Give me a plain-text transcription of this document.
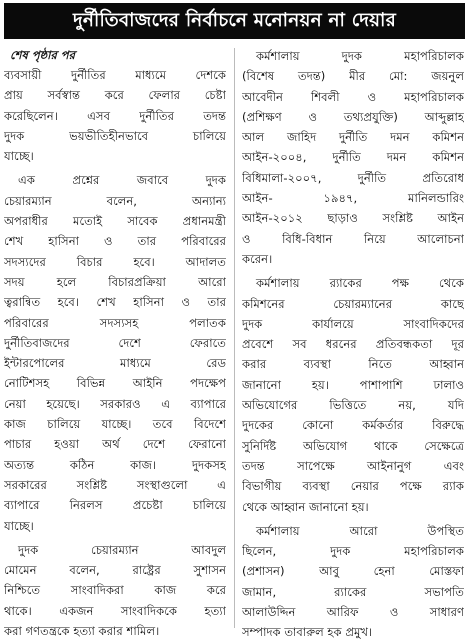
দুর্নীতিবাজদের নির্বাচনে মনোনয়ন না দেয়ার
শেষ পৃষ্ঠার পর
ব্যবসায়ী দুর্নীতির মাধ্যমে দেশকে
প্রায় সর্বস্বান্ত করে ফেলার চেষ্টা
করেছিলেন। এসব দুর্নীতির তদন্ত
দুদক ভয়ভীতিহীনভাবে চালিয়ে
যাচ্ছে।
এক প্রশ্নের জবাবে দুদক
চেয়ারম্যান বলেন, অন্যান্য
অপরাধীর মতোই সাবেক প্রধানমন্ত্রী
শেখ হাসিনা ও তার পরিবারের
সদস্যদের বিচার হবে। আদালত
সদয় হলে বিচারপ্রক্রিয়া আরো
ত্বরান্বিত হবে। শেখ হাসিনা ও তার
পরিবারের সদস্যসহ পলাতক
দুর্নীতিবাজদের দেশে ফেরাতে
ইন্টারপোলের মাধ্যমে রেড
নোটিশসহ বিভিন্ন আইনি পদক্ষেপ
নেয়া হয়েছে। সরকারও এ ব্যাপারে
কাজ চালিয়ে যাচ্ছে। তবে বিদেশে
পাচার হওয়া অর্থ দেশে ফেরানো
অত্যন্ত কঠিন কাজ। দুদকসহ
সরকারের সংশ্লিষ্ট সংস্থাগুলো এ
ব্যাপারে নিরলস প্রচেষ্টা চালিয়ে
যাচ্ছে।
দুদক চেয়ারম্যান আবদুল
মোমেন বলেন, রাষ্ট্রের সুশাসন
নিশ্চিতে সাংবাদিকরা কাজ করে
থাকে। একজন সাংবাদিককে হত্যা
করা গণতন্ত্রকে হত্যা করার শামিল।
কর্মশালায় দুদক মহাপরিচালক
(বিশেষ তদন্ত) মীর মো: জয়নুল
আবেদীন শিবলী ও মহাপরিচালক
(প্রশিক্ষণ ও তথ্যপ্রযুক্তি) আব্দুল্লাহ
আল জাহিদ দুর্নীতি দমন কমিশন
আইন-২০০৪, দুর্নীতি দমন কমিশন
বিধিমালা-২০০৭, দুর্নীতি প্রতিরোধ
আইন- ১৯৪৭, মানিলন্ডারিং
আইন-২০১২ ছাড়াও সংশ্লিষ্ট আইন
ও বিধি-বিধান নিয়ে আলোচনা
করেন।
কর্মশালায় র‍্যাকের পক্ষ থেকে
কমিশনের চেয়ারম্যানের কাছে
দুদক কার্যালয়ে সাংবাদিকদের
প্রবেশে সব ধরনের প্রতিবন্ধকতা দূর
করার ব্যবস্থা নিতে আহ্বান
জানানো হয়। পাশাপাশি ঢালাও
অভিযোগের ভিত্তিতে নয়, যদি
দুদকের কোনো কর্মকর্তার বিরুদ্ধে
সুনির্দিষ্ট অভিযোগ থাকে সেক্ষেত্রে
তদন্ত সাপেক্ষে আইনানুগ এবং
বিভাগীয় ব্যবস্থা নেয়ার পক্ষে র‍্যাক
থেকে আহ্বান জানানো হয়।
কর্মশালায় আরো উপস্থিত
ছিলেন, দুদক মহাপরিচালক
(প্রশাসন) আবু হেনা মোস্তফা
জামান, র‍্যাকের সভাপতি
আলাউদ্দিন আরিফ ও সাধারণ
সম্পাদক তাবারুল হক প্রমুখ।
